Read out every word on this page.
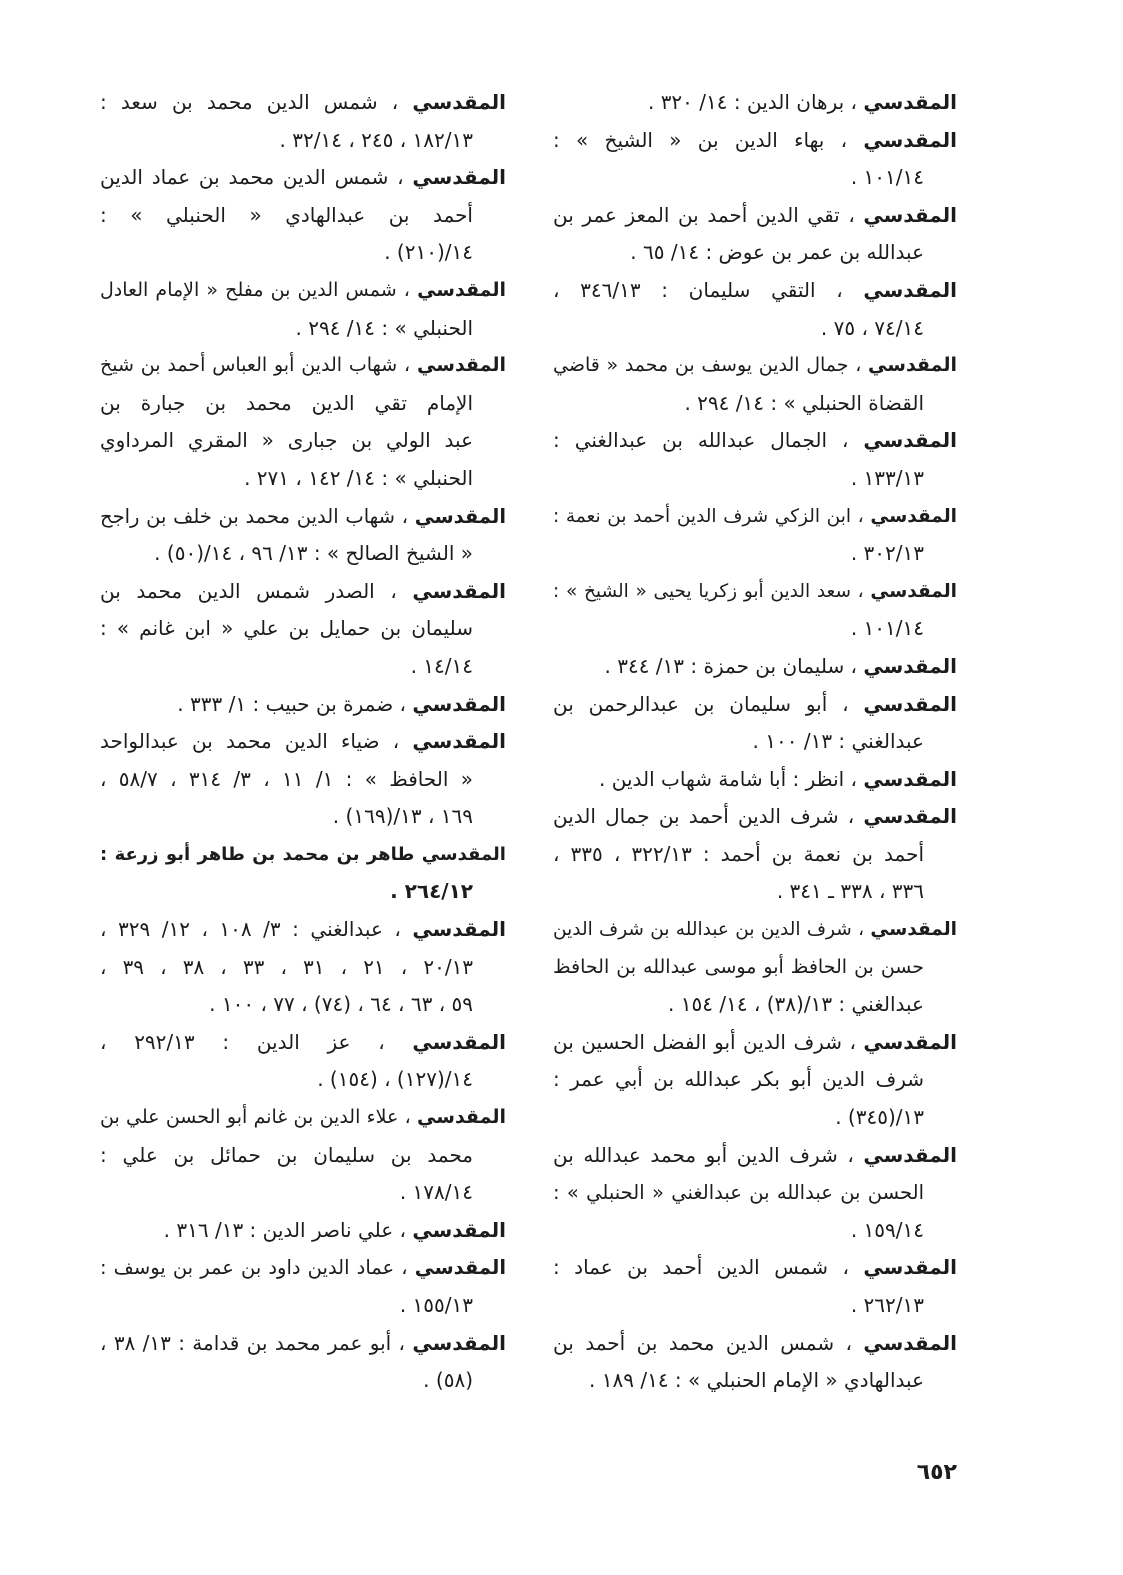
المقدسي ، برهان الدين : ١٤/ ٣٢٠ .
المقدسي ، بهاء الدين بن « الشيخ » :
١٠١/١٤ .
المقدسي ، تقي الدين أحمد بن المعز عمر بن
عبدالله بن عمر بن عوض : ١٤/ ٦٥ .
المقدسي ، التقي سليمان : ٣٤٦/١٣ ،
٧٤/١٤ ، ٧٥ .
المقدسي ، جمال الدين يوسف بن محمد « قاضي
القضاة الحنبلي » : ١٤/ ٢٩٤ .
المقدسي ، الجمال عبدالله بن عبدالغني :
١٣٣/١٣ .
المقدسي ، ابن الزكي شرف الدين أحمد بن نعمة :
٣٠٢/١٣ .
المقدسي ، سعد الدين أبو زكريا يحيى « الشيخ » :
١٠١/١٤ .
المقدسي ، سليمان بن حمزة : ١٣/ ٣٤٤ .
المقدسي ، أبو سليمان بن عبدالرحمن بن
عبدالغني : ١٣/ ١٠٠ .
المقدسي ، انظر : أبا شامة شهاب الدين .
المقدسي ، شرف الدين أحمد بن جمال الدين
أحمد بن نعمة بن أحمد : ٣٢٢/١٣ ، ٣٣٥ ،
٣٣٦ ، ٣٣٨ ـ ٣٤١ .
المقدسي ، شرف الدين بن عبدالله بن شرف الدين
حسن بن الحافظ أبو موسى عبدالله بن الحافظ
عبدالغني : ١٣/(٣٨) ، ١٤/ ١٥٤ .
المقدسي ، شرف الدين أبو الفضل الحسين بن
شرف الدين أبو بكر عبدالله بن أبي عمر :
١٣/(٣٤٥) .
المقدسي ، شرف الدين أبو محمد عبدالله بن
الحسن بن عبدالله بن عبدالغني « الحنبلي » :
١٥٩/١٤ .
المقدسي ، شمس الدين أحمد بن عماد :
٢٦٢/١٣ .
المقدسي ، شمس الدين محمد بن أحمد بن
عبدالهادي « الإمام الحنبلي » : ١٤/ ١٨٩ .
المقدسي ، شمس الدين محمد بن سعد :
١٨٢/١٣ ، ٢٤٥ ، ٣٢/١٤ .
المقدسي ، شمس الدين محمد بن عماد الدين
أحمد بن عبدالهادي « الحنبلي » :
١٤/(٢١٠) .
المقدسي ، شمس الدين بن مفلح « الإمام العادل
الحنبلي » : ١٤/ ٢٩٤ .
المقدسي ، شهاب الدين أبو العباس أحمد بن شيخ
الإمام تقي الدين محمد بن جبارة بن
عبد الولي بن جبارى « المقري المرداوي
الحنبلي » : ١٤/ ١٤٢ ، ٢٧١ .
المقدسي ، شهاب الدين محمد بن خلف بن راجح
« الشيخ الصالح » : ١٣/ ٩٦ ، ١٤/(٥٠) .
المقدسي ، الصدر شمس الدين محمد بن
سليمان بن حمايل بن علي « ابن غانم » :
١٤/١٤ .
المقدسي ، ضمرة بن حبيب : ١/ ٣٣٣ .
المقدسي ، ضياء الدين محمد بن عبدالواحد
« الحافظ » : ١/ ١١ ، ٣/ ٣١٤ ، ٥٨/٧ ،
١٦٩ ، ١٣/(١٦٩) .
المقدسي طاهر بن محمد بن طاهر أبو زرعة :
٢٦٤/١٢ .
المقدسي ، عبدالغني : ٣/ ١٠٨ ، ١٢/ ٣٢٩ ،
٢٠/١٣ ، ٢١ ، ٣١ ، ٣٣ ، ٣٨ ، ٣٩ ،
٥٩ ، ٦٣ ، ٦٤ ، (٧٤) ، ٧٧ ، ١٠٠ .
المقدسي ، عز الدين : ٢٩٢/١٣ ،
١٤/(١٢٧) ، (١٥٤) .
المقدسي ، علاء الدين بن غانم أبو الحسن علي بن
محمد بن سليمان بن حمائل بن علي :
١٧٨/١٤ .
المقدسي ، علي ناصر الدين : ١٣/ ٣١٦ .
المقدسي ، عماد الدين داود بن عمر بن يوسف :
١٥٥/١٣ .
المقدسي ، أبو عمر محمد بن قدامة : ١٣/ ٣٨ ،
(٥٨) .
٦٥٢
